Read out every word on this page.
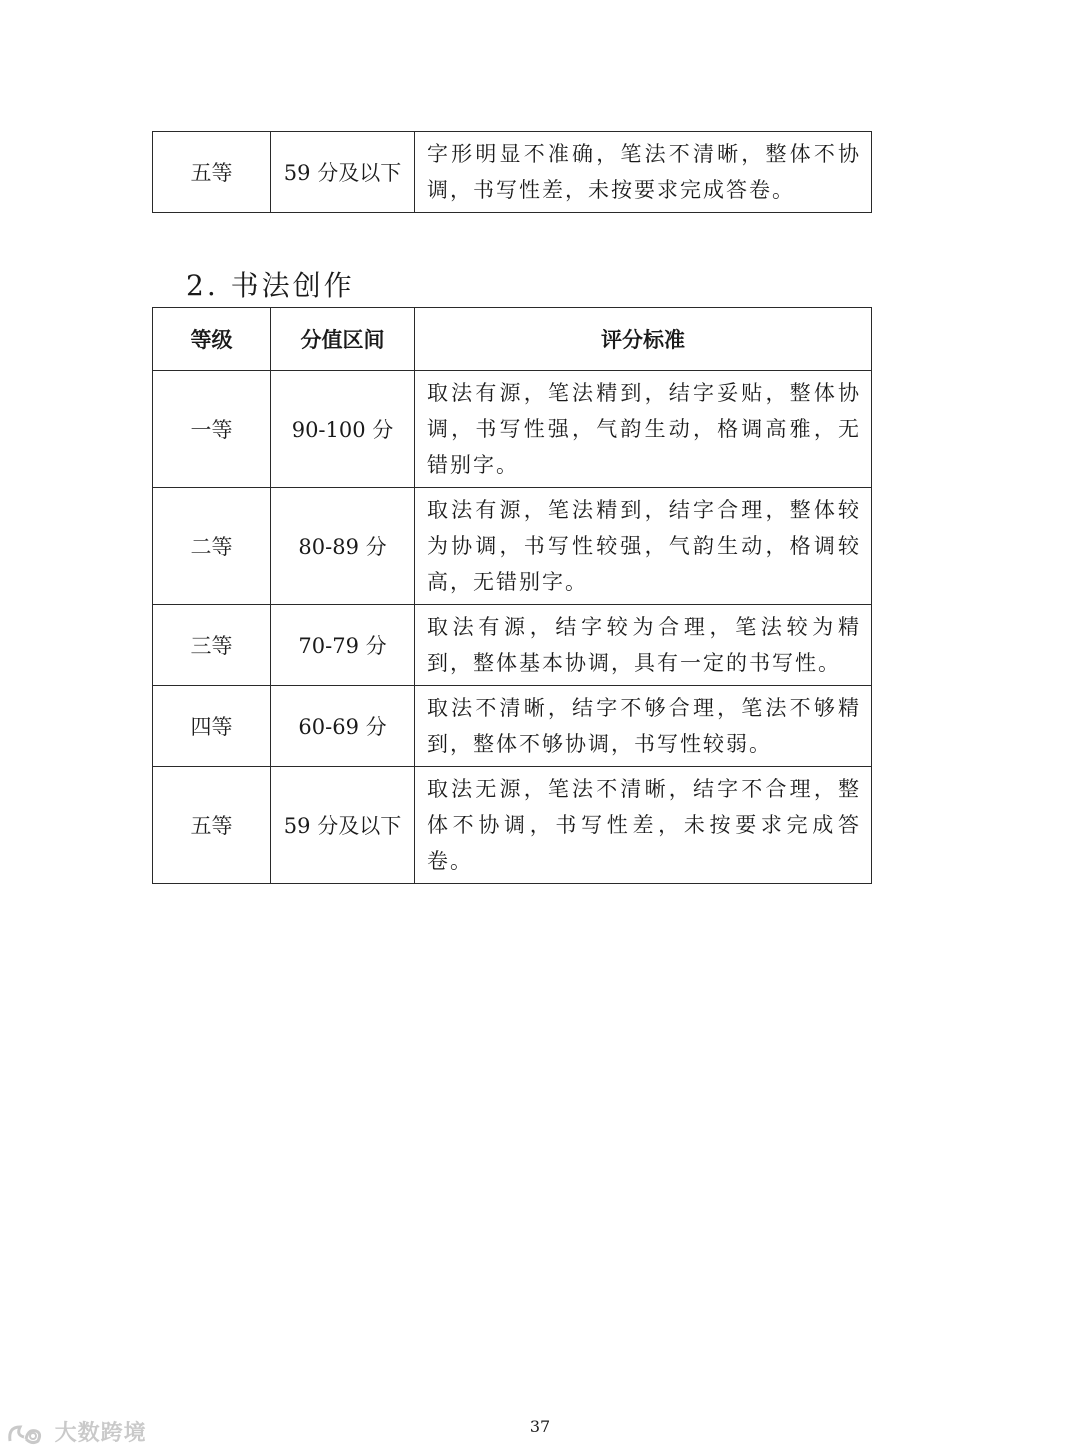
五等	59 分及以下	字形明显不准确，笔法不清晰，整体不协调，书写性差，未按要求完成答卷。
2. 书法创作
等级	分值区间	评分标准
一等	90-100 分	取法有源，笔法精到，结字妥贴，整体协调，书写性强，气韵生动，格调高雅，无错别字。
二等	80-89 分	取法有源，笔法精到，结字合理，整体较为协调，书写性较强，气韵生动，格调较高，无错别字。
三等	70-79 分	取法有源，结字较为合理，笔法较为精到，整体基本协调，具有一定的书写性。
四等	60-69 分	取法不清晰，结字不够合理，笔法不够精到，整体不够协调，书写性较弱。
五等	59 分及以下	取法无源，笔法不清晰，结字不合理，整体不协调，书写性差，未按要求完成答卷。
37
大数跨境
